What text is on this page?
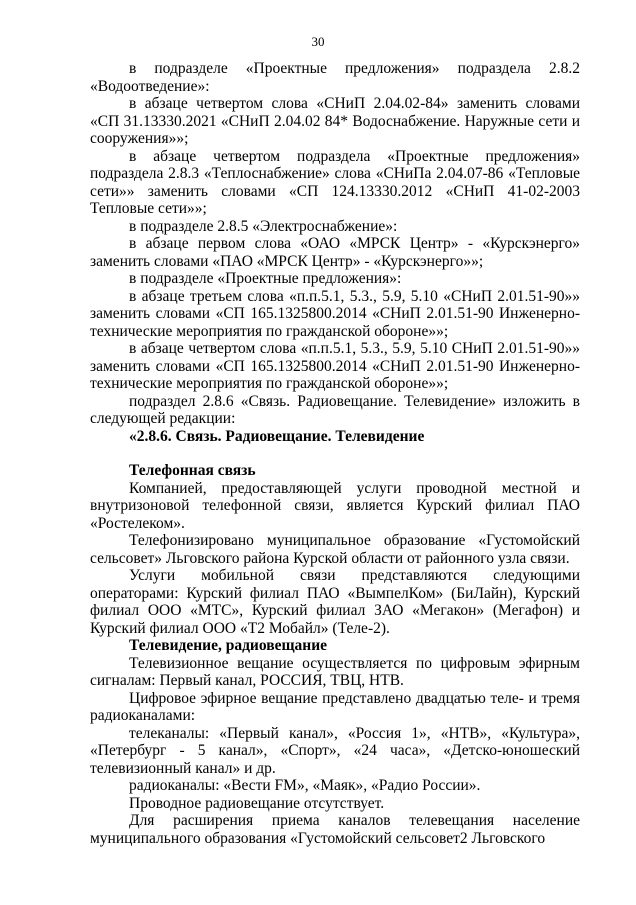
30

в подразделе «Проектные предложения» подраздела 2.8.2 «Водоотведение»:

в абзаце четвертом слова «СНиП 2.04.02-84» заменить словами «СП 31.13330.2021 «СНиП 2.04.02 84* Водоснабжение. Наружные сети и сооружения»»;

в абзаце четвертом подраздела «Проектные предложения» подраздела 2.8.3 «Теплоснабжение» слова «СНиПа 2.04.07-86 «Тепловые сети»» заменить словами «СП 124.13330.2012 «СНиП 41-02-2003 Тепловые сети»»;

в подразделе 2.8.5 «Электроснабжение»:

в абзаце первом слова «ОАО «МРСК Центр» - «Курскэнерго» заменить словами «ПАО «МРСК Центр» - «Курскэнерго»»;

в подразделе «Проектные предложения»:

в абзаце третьем слова «п.п.5.1, 5.3., 5.9, 5.10 «СНиП 2.01.51-90»» заменить словами «СП 165.1325800.2014 «СНиП 2.01.51-90 Инженерно-технические мероприятия по гражданской обороне»»;

в абзаце четвертом слова «п.п.5.1, 5.3., 5.9, 5.10 СНиП 2.01.51-90»» заменить словами «СП 165.1325800.2014 «СНиП 2.01.51-90 Инженерно-технические мероприятия по гражданской обороне»»;

подраздел 2.8.6 «Связь. Радиовещание. Телевидение» изложить в следующей редакции:

«2.8.6. Связь. Радиовещание. Телевидение

Телефонная связь

Компанией, предоставляющей услуги проводной местной и внутризоновой телефонной связи, является Курский филиал ПАО «Ростелеком».

Телефонизировано муниципальное образование «Густомойский сельсовет» Льговского района Курской области от районного узла связи.

Услуги мобильной связи представляются следующими операторами: Курский филиал ПАО «ВымпелКом» (БиЛайн), Курский филиал ООО «МТС», Курский филиал ЗАО «Мегакон» (Мегафон) и Курский филиал ООО «Т2 Мобайл» (Теле-2).

Телевидение, радиовещание

Телевизионное вещание осуществляется по цифровым эфирным сигналам: Первый канал, РОССИЯ, ТВЦ, НТВ.

Цифровое эфирное вещание представлено двадцатью теле- и тремя радиоканалами:

телеканалы: «Первый канал», «Россия 1», «НТВ», «Культура», «Петербург - 5 канал», «Спорт», «24 часа», «Детско-юношеский телевизионный канал» и др.

радиоканалы: «Вести FM», «Маяк», «Радио России».

Проводное радиовещание отсутствует.

Для расширения приема каналов телевещания население муниципального образования «Густомойский сельсовет2 Льговского
